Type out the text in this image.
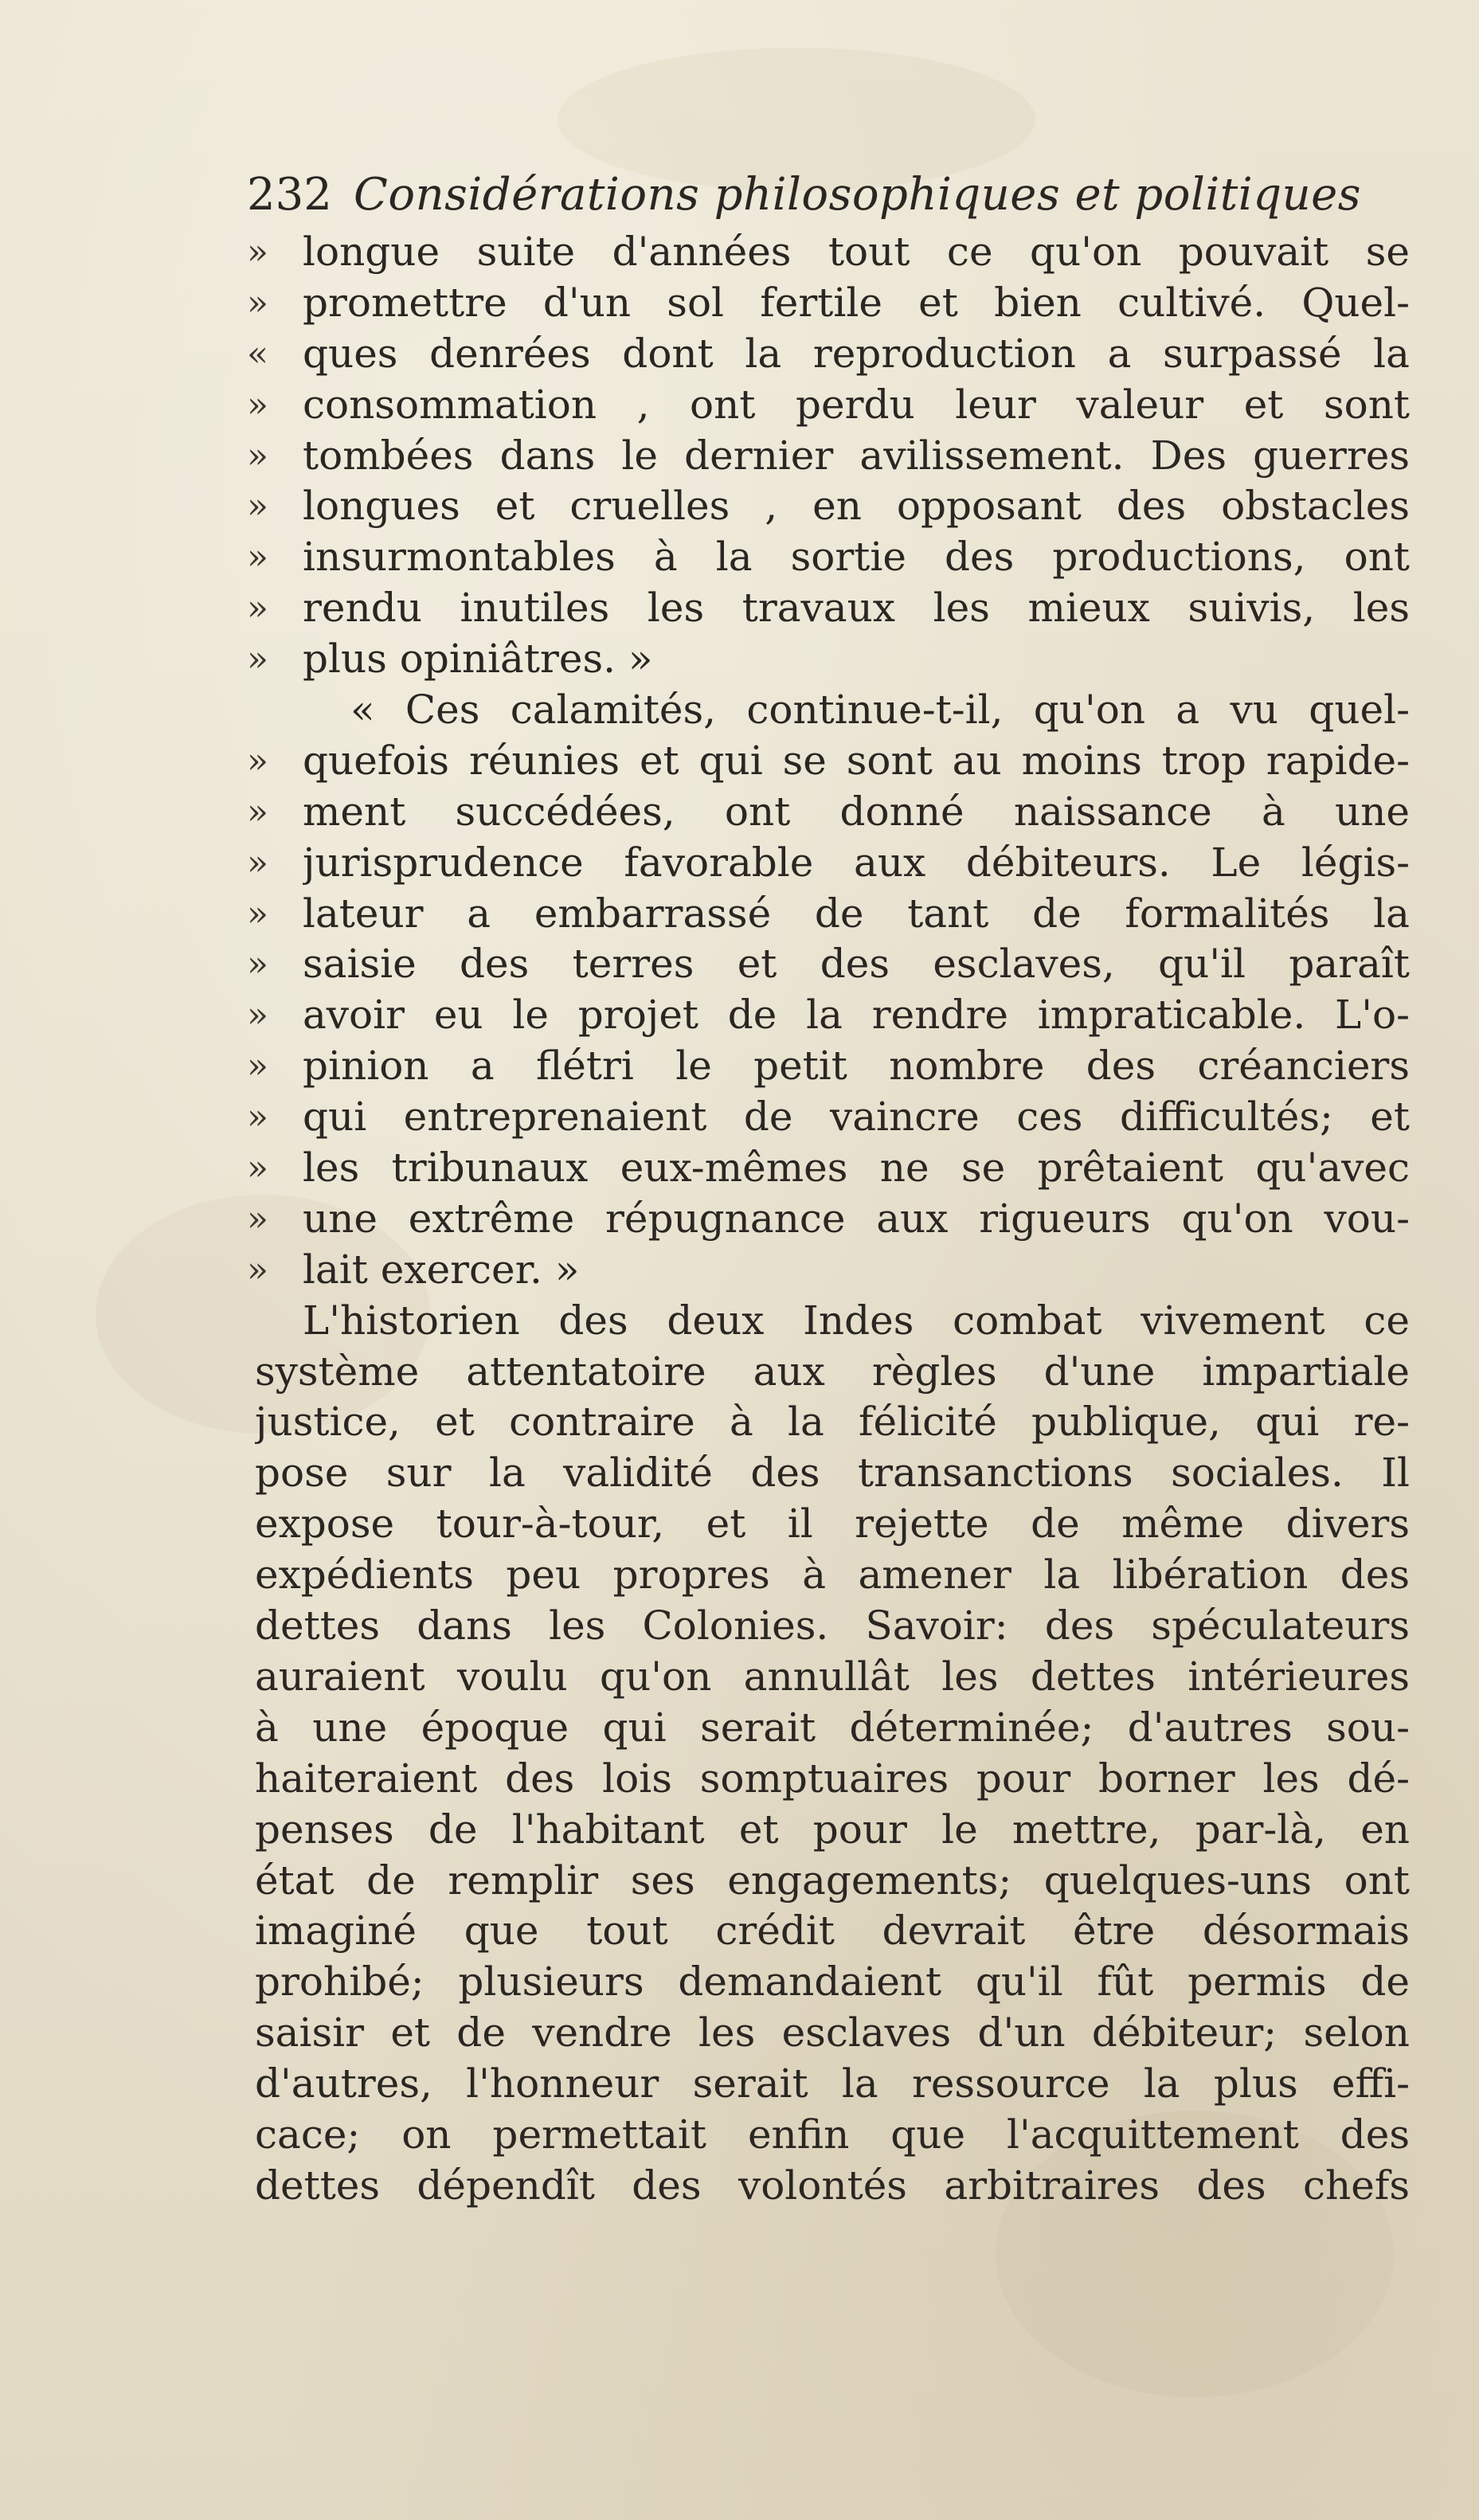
232 Considérations philosophiques et politiques
» longue suite d'années tout ce qu'on pouvait se
» promettre d'un sol fertile et bien cultivé. Quel-
« ques denrées dont la reproduction a surpassé la
» consommation , ont perdu leur valeur et sont
» tombées dans le dernier avilissement. Des guerres
» longues et cruelles , en opposant des obstacles
» insurmontables à la sortie des productions, ont
» rendu inutiles les travaux les mieux suivis, les
» plus opiniâtres. »
« Ces calamités, continue-t-il, qu'on a vu quel-
» quefois réunies et qui se sont au moins trop rapide-
» ment succédées, ont donné naissance à une
» jurisprudence favorable aux débiteurs. Le légis-
» lateur a embarrassé de tant de formalités la
» saisie des terres et des esclaves, qu'il paraît
» avoir eu le projet de la rendre impraticable. L'o-
» pinion a flétri le petit nombre des créanciers
» qui entreprenaient de vaincre ces difficultés; et
» les tribunaux eux-mêmes ne se prêtaient qu'avec
» une extrême répugnance aux rigueurs qu'on vou-
» lait exercer. »
L'historien des deux Indes combat vivement ce
système attentatoire aux règles d'une impartiale
justice, et contraire à la félicité publique, qui re-
pose sur la validité des transanctions sociales. Il
expose tour-à-tour, et il rejette de même divers
expédients peu propres à amener la libération des
dettes dans les Colonies. Savoir: des spéculateurs
auraient voulu qu'on annullât les dettes intérieures
à une époque qui serait déterminée; d'autres sou-
haiteraient des lois somptuaires pour borner les dé-
penses de l'habitant et pour le mettre, par-là, en
état de remplir ses engagements; quelques-uns ont
imaginé que tout crédit devrait être désormais
prohibé; plusieurs demandaient qu'il fût permis de
saisir et de vendre les esclaves d'un débiteur; selon
d'autres, l'honneur serait la ressource la plus effi-
cace; on permettait enfin que l'acquittement des
dettes dépendît des volontés arbitraires des chefs
